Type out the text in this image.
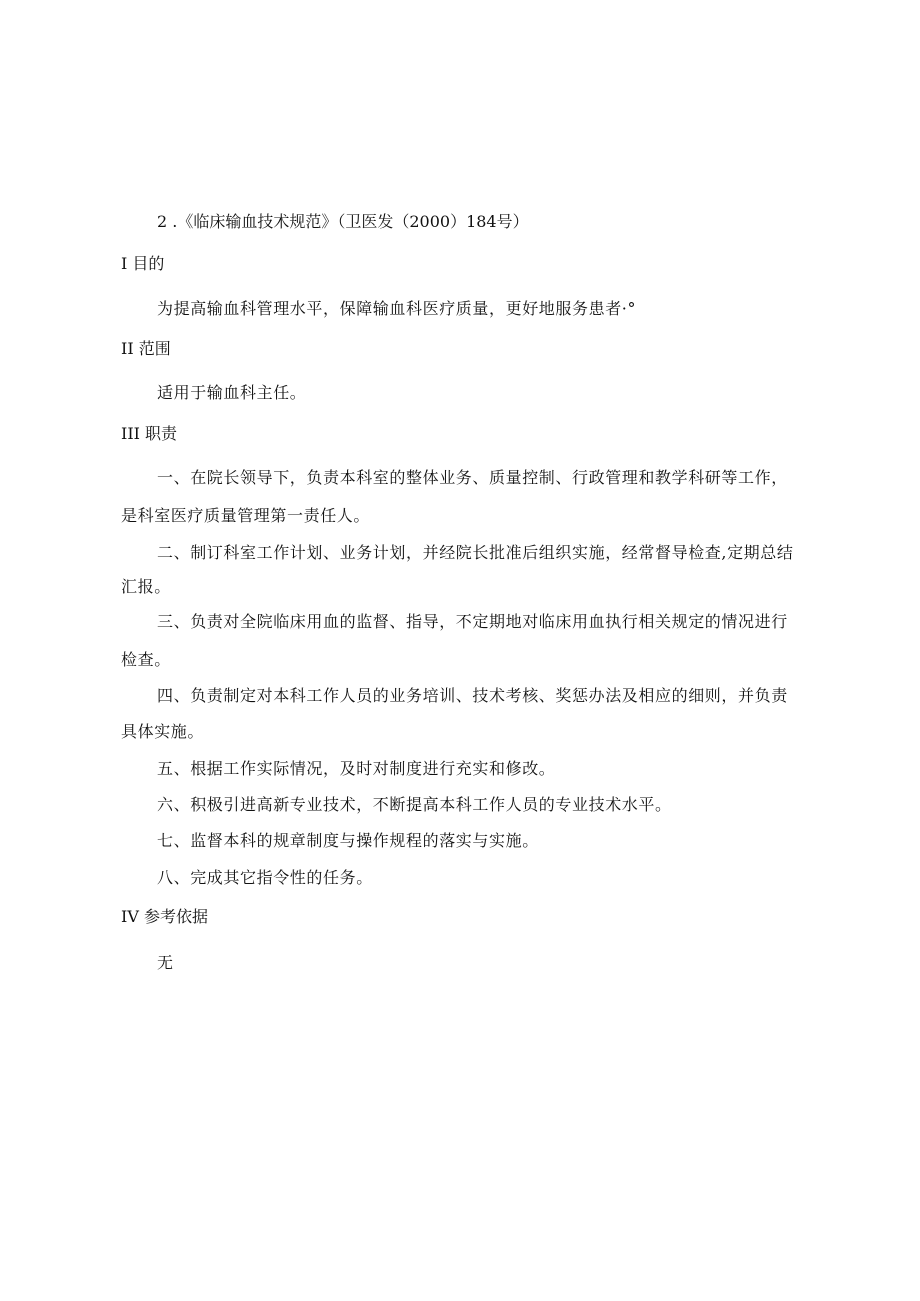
2 .《临床输血技术规范》（卫医发（2000）184号）
I 目的
为提高输血科管理水平，保障输血科医疗质量，更好地服务患者·°
II 范围
适用于输血科主任。
III 职责
一、在院长领导下，负责本科室的整体业务、质量控制、行政管理和教学科研等工作，
是科室医疗质量管理第一责任人。
二、制订科室工作计划、业务计划，并经院长批准后组织实施，经常督导检查,定期总结
汇报。
三、负责对全院临床用血的监督、指导，不定期地对临床用血执行相关规定的情况进行
检查。
四、负责制定对本科工作人员的业务培训、技术考核、奖惩办法及相应的细则，并负责
具体实施。
五、根据工作实际情况，及时对制度进行充实和修改。
六、积极引进高新专业技术，不断提高本科工作人员的专业技术水平。
七、监督本科的规章制度与操作规程的落实与实施。
八、完成其它指令性的任务。
IV 参考依据
无
